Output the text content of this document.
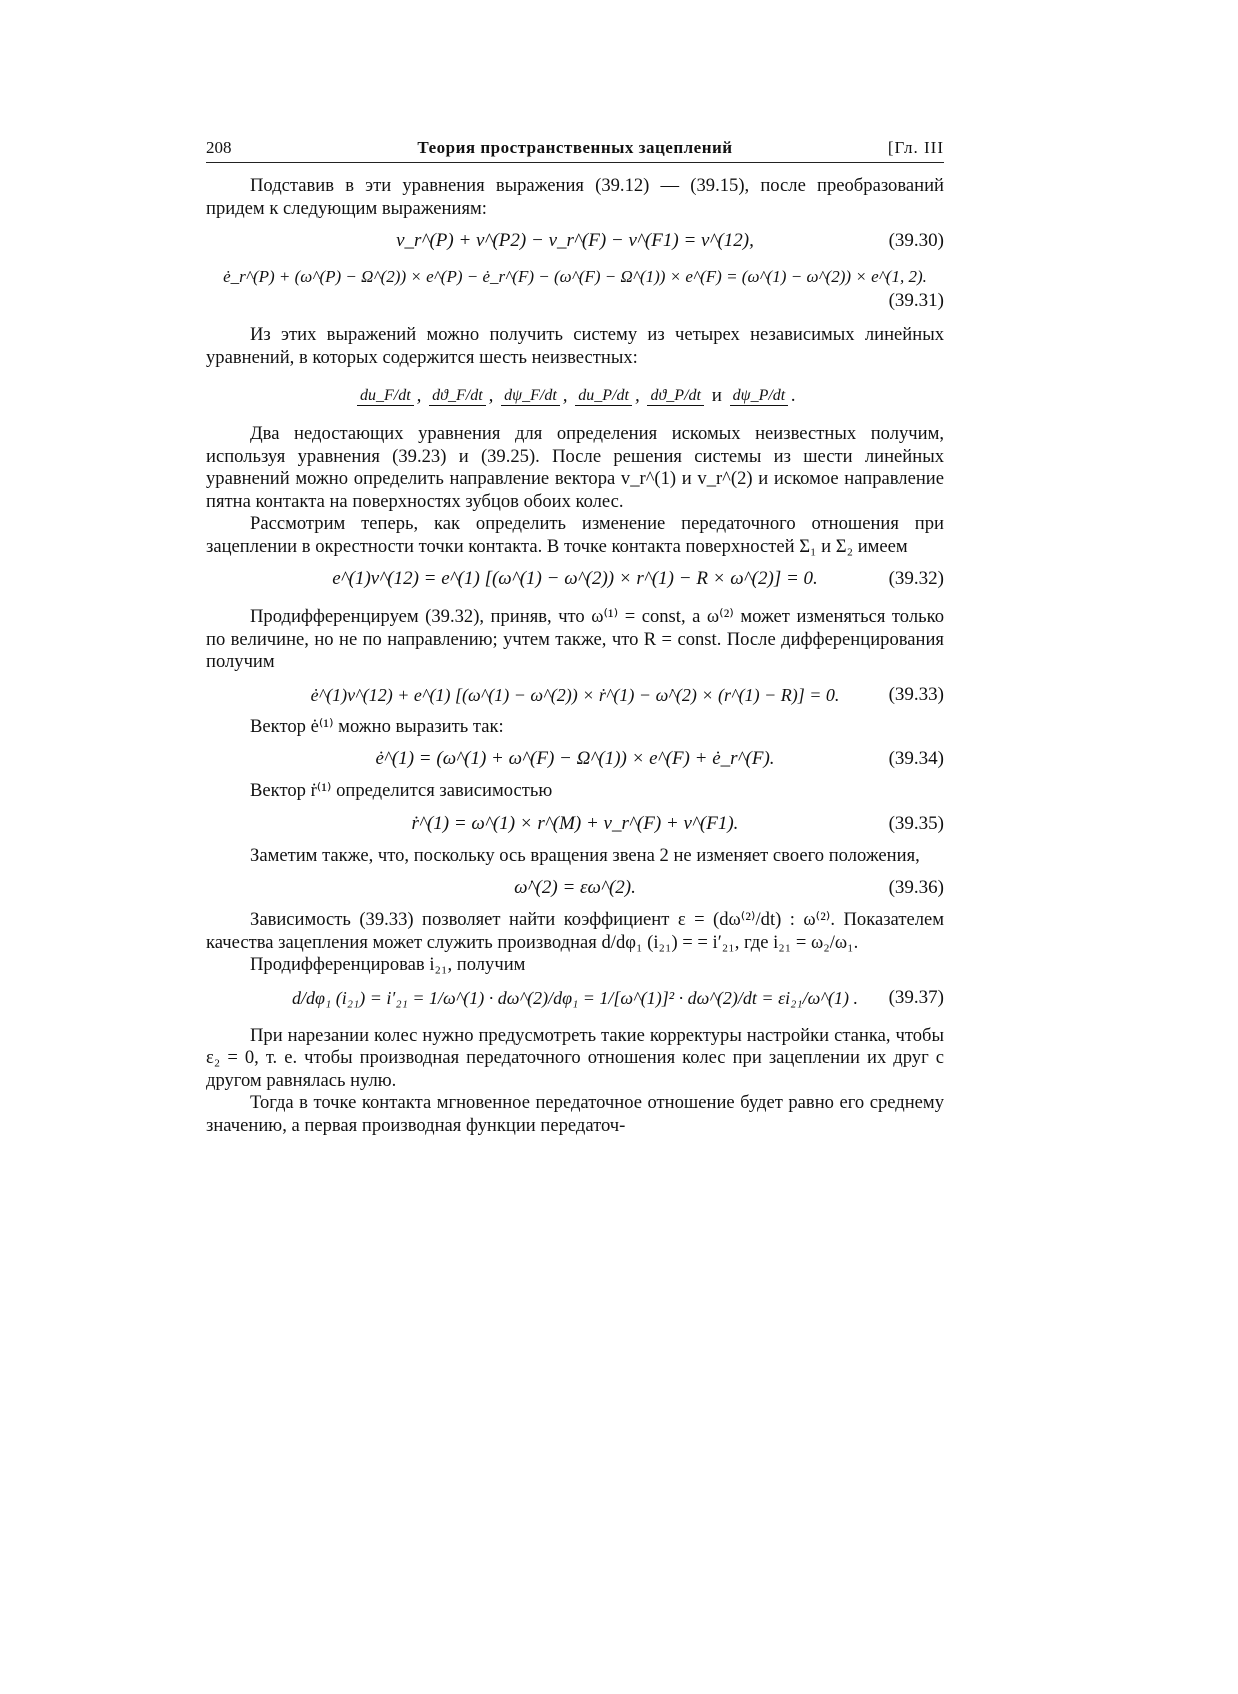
208	Теория пространственных зацеплений	[Гл. III

Подставив в эти уравнения выражения (39.12) — (39.15), после преобразований придем к следующим выражениям:

v_r^(P) + v^(P2) − v_r^(F) − v^(F1) = v^(12),	(39.30)
ė_r^(P) + (ω^(P) − Ω^(2)) × e^(P) − ė_r^(F) − (ω^(F) − Ω^(1)) × e^(F) = (ω^(1) − ω^(2)) × e^(1, 2).
(39.31)

Из этих выражений можно получить систему из четырех независимых линейных уравнений, в которых содержится шесть неизвестных:

du_F/dt , dϑ_F/dt , dψ_F/dt , du_P/dt , dϑ_P/dt и dψ_P/dt .

Два недостающих уравнения для определения искомых неизвестных получим, используя уравнения (39.23) и (39.25). После решения системы из шести линейных уравнений можно определить направление вектора v_r^(1) и v_r^(2) и искомое направление пятна контакта на поверхностях зубцов обоих колес.

Рассмотрим теперь, как определить изменение передаточного отношения при зацеплении в окрестности точки контакта. В точке контакта поверхностей Σ₁ и Σ₂ имеем

e^(1)v^(12) = e^(1) [(ω^(1) − ω^(2)) × r^(1) − R × ω^(2)] = 0.	(39.32)

Продифференцируем (39.32), приняв, что ω⁽¹⁾ = const, а ω⁽²⁾ может изменяться только по величине, но не по направлению; учтем также, что R = const. После дифференцирования получим

ė^(1)v^(12) + e^(1) [(ω^(1) − ω^(2)) × ṙ^(1) − ω̇^(2) × (r^(1) − R)] = 0.	(39.33)

Вектор ė⁽¹⁾ можно выразить так:

ė^(1) = (ω^(1) + ω^(F) − Ω^(1)) × e^(F) + ė_r^(F).	(39.34)

Вектор ṙ⁽¹⁾ определится зависимостью

ṙ^(1) = ω^(1) × r^(M) + v_r^(F) + v^(F1).	(39.35)

Заметим также, что, поскольку ось вращения звена 2 не изменяет своего положения,

ω̇^(2) = εω^(2).	(39.36)

Зависимость (39.33) позволяет найти коэффициент ε = (dω⁽²⁾/dt) : ω⁽²⁾. Показателем качества зацепления может служить производная d/dφ₁ (i₂₁) = = i′₂₁, где i₂₁ = ω₂/ω₁.

Продифференцировав i₂₁, получим

d/dφ₁ (i₂₁) = i′₂₁ = 1/ω^(1) · dω^(2)/dφ₁ = 1/[ω^(1)]² · dω^(2)/dt = εi₂₁/ω^(1) . (39.37)

При нарезании колес нужно предусмотреть такие корректуры настройки станка, чтобы ε₂ = 0, т. е. чтобы производная передаточного отношения колес при зацеплении их друг с другом равнялась нулю.

Тогда в точке контакта мгновенное передаточное отношение будет равно его среднему значению, а первая производная функции передаточ-
